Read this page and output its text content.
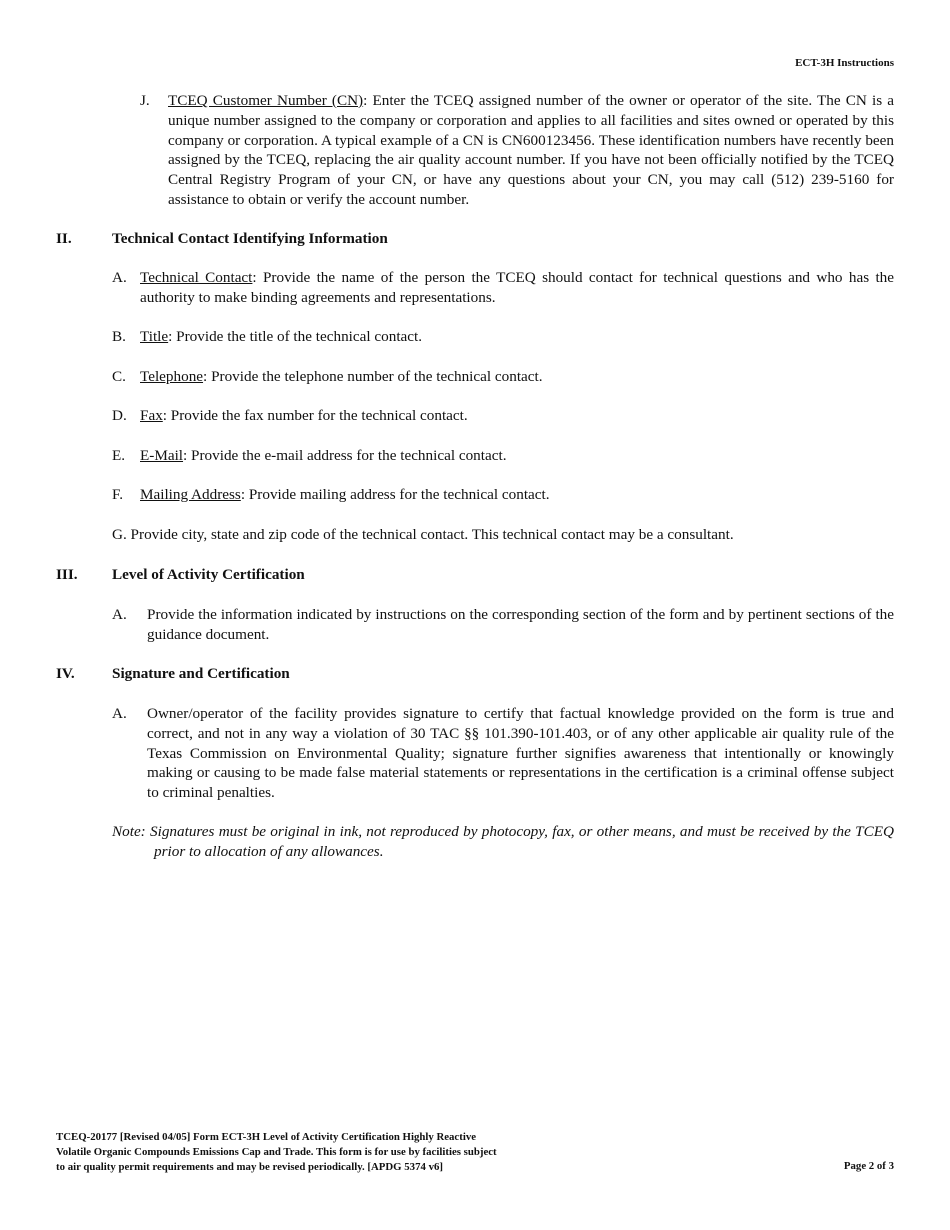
ECT-3H Instructions
J. TCEQ Customer Number (CN): Enter the TCEQ assigned number of the owner or operator of the site. The CN is a unique number assigned to the company or corporation and applies to all facilities and sites owned or operated by this company or corporation. A typical example of a CN is CN600123456. These identification numbers have recently been assigned by the TCEQ, replacing the air quality account number. If you have not been officially notified by the TCEQ Central Registry Program of your CN, or have any questions about your CN, you may call (512) 239-5160 for assistance to obtain or verify the account number.
II.	Technical Contact Identifying Information
A. Technical Contact: Provide the name of the person the TCEQ should contact for technical questions and who has the authority to make binding agreements and representations.
B. Title: Provide the title of the technical contact.
C. Telephone: Provide the telephone number of the technical contact.
D. Fax: Provide the fax number for the technical contact.
E. E-Mail: Provide the e-mail address for the technical contact.
F. Mailing Address: Provide mailing address for the technical contact.
G. Provide city, state and zip code of the technical contact. This technical contact may be a consultant.
III. Level of Activity Certification
A. Provide the information indicated by instructions on the corresponding section of the form and by pertinent sections of the guidance document.
IV. Signature and Certification
A. Owner/operator of the facility provides signature to certify that factual knowledge provided on the form is true and correct, and not in any way a violation of 30 TAC §§ 101.390-101.403, or of any other applicable air quality rule of the Texas Commission on Environmental Quality; signature further signifies awareness that intentionally or knowingly making or causing to be made false material statements or representations in the certification is a criminal offense subject to criminal penalties.
Note: Signatures must be original in ink, not reproduced by photocopy, fax, or other means, and must be received by the TCEQ prior to allocation of any allowances.
TCEQ-20177 [Revised 04/05] Form ECT-3H Level of Activity Certification Highly Reactive
Volatile Organic Compounds Emissions Cap and Trade. This form is for use by facilities subject
to air quality permit requirements and may be revised periodically. [APDG 5374 v6]	Page 2 of 3
